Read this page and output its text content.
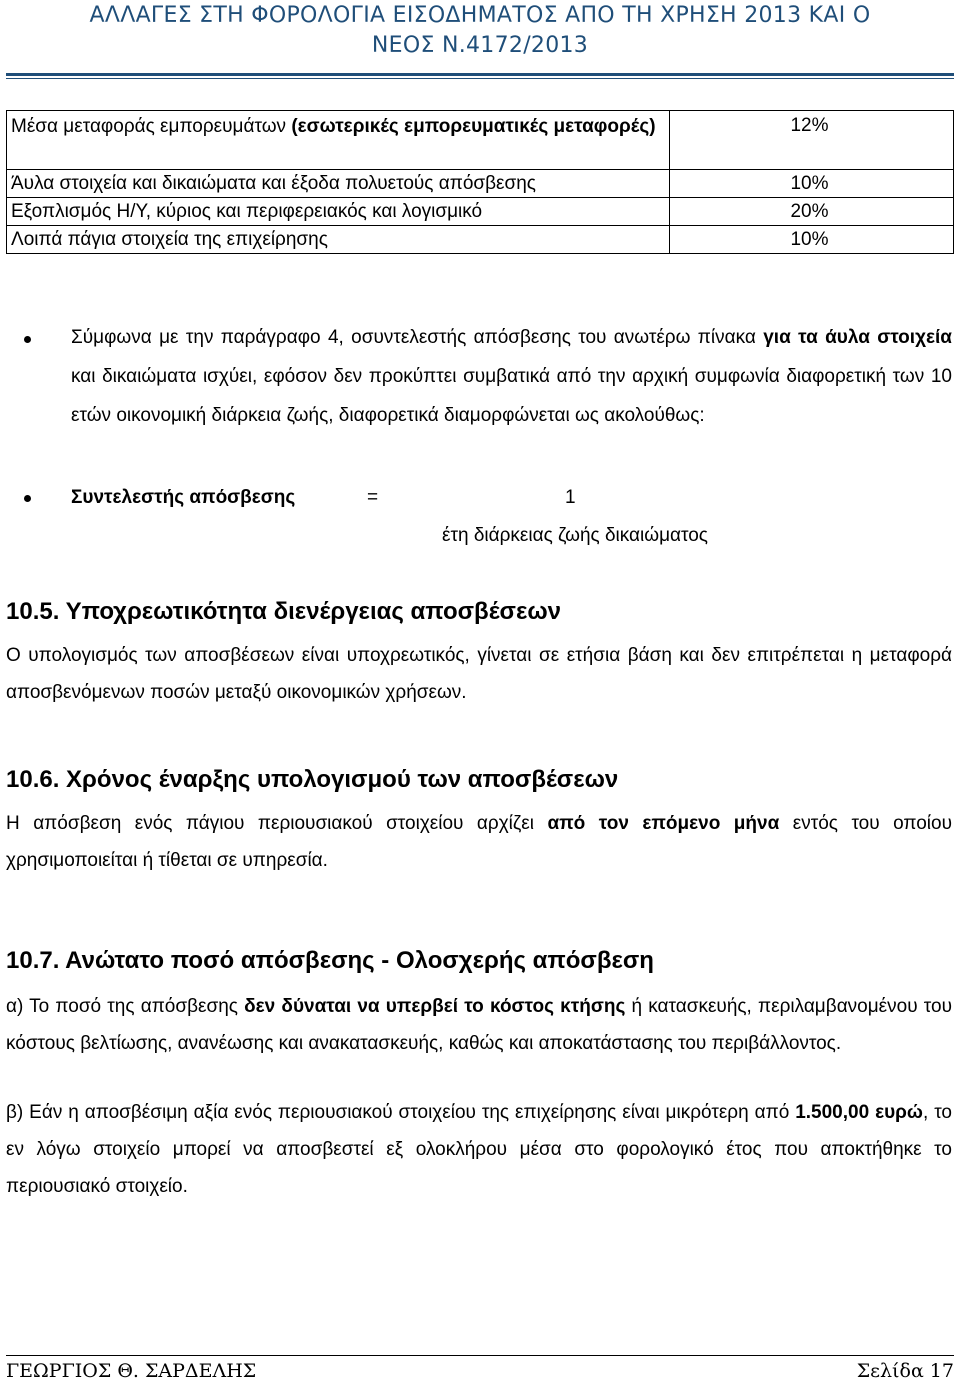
ΑΛΛΑΓΕΣ ΣΤΗ ΦΟΡΟΛΟΓΙΑ ΕΙΣΟΔΗΜΑΤΟΣ ΑΠΟ ΤΗ ΧΡΗΣΗ 2013 ΚΑΙ Ο
ΝΕΟΣ Ν.4172/2013
Μέσα μεταφοράς εμπορευμάτων (εσωτερικές εμπορευματικές μεταφορές)	12%
Άυλα στοιχεία και δικαιώματα και έξοδα πολυετούς απόσβεσης	10%
Εξοπλισμός Η/Υ, κύριος και περιφερειακός και λογισμικό	20%
Λοιπά πάγια στοιχεία της επιχείρησης	10%
Σύμφωνα με την παράγραφο 4, οσυντελεστής απόσβεσης του ανωτέρω πίνακα για τα άυλα στοιχεία και δικαιώματα ισχύει, εφόσον δεν προκύπτει συμβατικά από την αρχική συμφωνία διαφορετική των 10 ετών οικονομική διάρκεια ζωής, διαφορετικά διαμορφώνεται ως ακολούθως:
Συντελεστής απόσβεσης	=	1
έτη διάρκειας ζωής δικαιώματος
10.5. Υποχρεωτικότητα διενέργειας αποσβέσεων

Ο υπολογισμός των αποσβέσεων είναι υποχρεωτικός, γίνεται σε ετήσια βάση και δεν επιτρέπεται η μεταφορά αποσβενόμενων ποσών μεταξύ οικονομικών χρήσεων.

10.6. Χρόνος έναρξης υπολογισμού των αποσβέσεων

Η απόσβεση ενός πάγιου περιουσιακού στοιχείου αρχίζει από τον επόμενο μήνα εντός του οποίου χρησιμοποιείται ή τίθεται σε υπηρεσία.

10.7. Ανώτατο ποσό απόσβεσης - Ολοσχερής απόσβεση

α) Το ποσό της απόσβεσης δεν δύναται να υπερβεί το κόστος κτήσης ή κατασκευής, περιλαμβανομένου του κόστους βελτίωσης, ανανέωσης και ανακατασκευής, καθώς και αποκατάστασης του περιβάλλοντος.

β) Εάν η αποσβέσιμη αξία ενός περιουσιακού στοιχείου της επιχείρησης είναι μικρότερη από 1.500,00 ευρώ, το εν λόγω στοιχείο μπορεί να αποσβεστεί εξ ολοκλήρου μέσα στο φορολογικό έτος που αποκτήθηκε το περιουσιακό στοιχείο.

ΓΕΩΡΓΙΟΣ Θ. ΣΑΡΔΕΛΗΣ	Σελίδα 17
